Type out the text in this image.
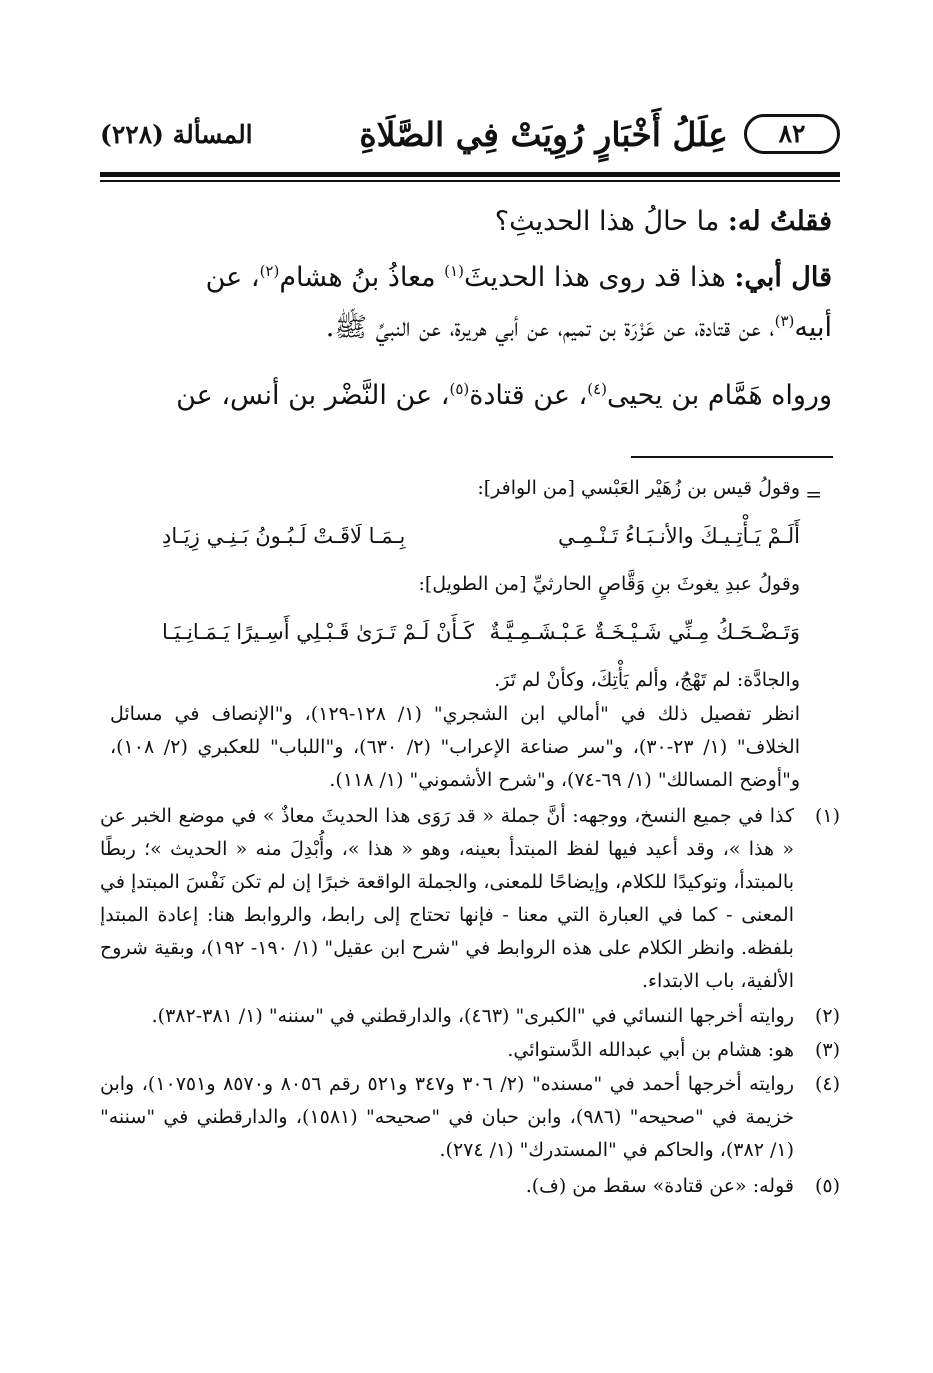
٨٢
عِلَلُ أَخْبَارٍ رُوِيَتْ فِي الصَّلَاةِ
المسألة (٢٢٨)

فقلتُ له: ما حالُ هذا الحديثِ؟

قال أبي: هذا قد روى هذا الحديثَ$^{(١)}$ معاذُ بنُ هشام$^{(٢)}$، عن
أبيه$^{(٣)}$، عن قتادة، عن عَزْرَة بن تميم، عن أبي هريرة، عن النبيِّ ﷺ.

ورواه هَمَّام بن يحيى$^{(٤)}$، عن قتادة$^{(٥)}$، عن النَّضْر بن أنس، عن

=
وقولُ قيس بن زُهَيْر العَبْسي [من الوافر]:
أَلَـمْ يَـأْتِـيـكَ والأنـبَـاءُ تَـنْـمِـي
بِـمَـا لَاقَـتْ لَـبُـونُ بَـنِـي زِيَـادِ
وقولُ عبدِ يغوثَ بنِ وَقَّاصٍ الحارثيِّ [من الطويل]:
وَتَـضْـحَـكُ مِـنِّي شَـيْـخَـةٌ عَـبْـشَـمِـيَّـةٌ
كَـأَنْ لَـمْ تَـرَىٰ قَـبْـلِي أَسِـيرًا يَـمَـانِـيَـا
والجادَّة: لم تَهْجُ، وألم يَأْتِكَ، وكأنْ لم تَرَ.
انظر تفصيل ذلك في "أمالي ابن الشجري" (١/ ١٢٨-١٢٩)، و"الإنصاف في مسائل الخلاف" (١/ ٢٣-٣٠)، و"سر صناعة الإعراب" (٢/ ٦٣٠)، و"اللباب" للعكبري (٢/ ١٠٨)، و"أوضح المسالك" (١/ ٦٩-٧٤)، و"شرح الأشموني" (١/ ١١٨).
(١)
كذا في جميع النسخ، ووجهه: أنَّ جملة « قد رَوَى هذا الحديثَ معاذٌ » في موضع الخبر عن « هذا »، وقد أعيد فيها لفظ المبتدأ بعينه، وهو « هذا »، وأُبْدِلَ منه « الحديث »؛ ربطًا بالمبتدأ، وتوكيدًا للكلام، وإيضاحًا للمعنى، والجملة الواقعة خبرًا إن لم تكن نَفْسَ المبتدإ في المعنى - كما في العبارة التي معنا - فإنها تحتاج إلى رابط، والروابط هنا: إعادة المبتدإ بلفظه. وانظر الكلام على هذه الروابط في "شرح ابن عقيل" (١/ ١٩٠- ١٩٢)، وبقية شروح الألفية، باب الابتداء.
(٢)
روايته أخرجها النسائي في "الكبرى" (٤٦٣)، والدارقطني في "سننه" (١/ ٣٨١-٣٨٢).
(٣)
هو: هشام بن أبي عبدالله الدَّستوائي.
(٤)
روايته أخرجها أحمد في "مسنده" (٢/ ٣٠٦ و٣٤٧ و٥٢١ رقم ٨٠٥٦ و٨٥٧٠ و١٠٧٥١)، وابن خزيمة في "صحيحه" (٩٨٦)، وابن حبان في "صحيحه" (١٥٨١)، والدارقطني في "سننه" (١/ ٣٨٢)، والحاكم في "المستدرك" (١/ ٢٧٤).
(٥)
قوله: «عن قتادة» سقط من (ف).
